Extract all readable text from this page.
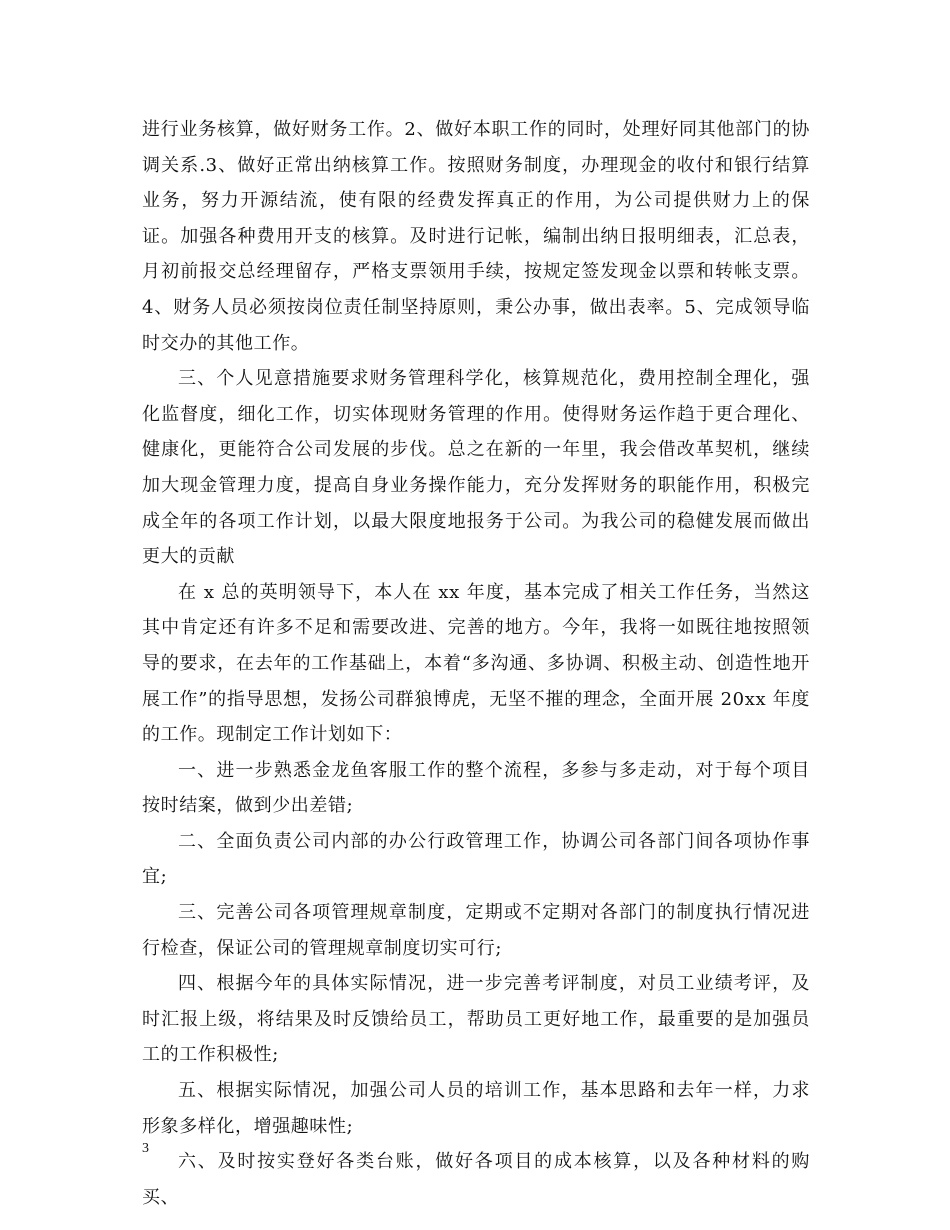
进行业务核算，做好财务工作。2、做好本职工作的同时，处理好同其他部门的协调关系.3、做好正常出纳核算工作。按照财务制度，办理现金的收付和银行结算业务，努力开源结流，使有限的经费发挥真正的作用，为公司提供财力上的保证。加强各种费用开支的核算。及时进行记帐，编制出纳日报明细表，汇总表，月初前报交总经理留存，严格支票领用手续，按规定签发现金以票和转帐支票。4、财务人员必须按岗位责任制坚持原则，秉公办事，做出表率。5、完成领导临时交办的其他工作。

三、个人见意措施要求财务管理科学化，核算规范化，费用控制全理化，强化监督度，细化工作，切实体现财务管理的作用。使得财务运作趋于更合理化、健康化，更能符合公司发展的步伐。总之在新的一年里，我会借改革契机，继续加大现金管理力度，提高自身业务操作能力，充分发挥财务的职能作用，积极完成全年的各项工作计划，以最大限度地报务于公司。为我公司的稳健发展而做出更大的贡献

在 x 总的英明领导下，本人在 xx 年度，基本完成了相关工作任务，当然这其中肯定还有许多不足和需要改进、完善的地方。今年，我将一如既往地按照领导的要求，在去年的工作基础上，本着“多沟通、多协调、积极主动、创造性地开展工作”的指导思想，发扬公司群狼博虎，无坚不摧的理念，全面开展 20xx 年度的工作。现制定工作计划如下：

一、进一步熟悉金龙鱼客服工作的整个流程，多参与多走动，对于每个项目按时结案，做到少出差错;

二、全面负责公司内部的办公行政管理工作，协调公司各部门间各项协作事宜;

三、完善公司各项管理规章制度，定期或不定期对各部门的制度执行情况进行检查，保证公司的管理规章制度切实可行;

四、根据今年的具体实际情况，进一步完善考评制度，对员工业绩考评，及时汇报上级，将结果及时反馈给员工，帮助员工更好地工作，最重要的是加强员工的工作积极性;

五、根据实际情况，加强公司人员的培训工作，基本思路和去年一样，力求形象多样化，增强趣味性;

六、及时按实登好各类台账，做好各项目的成本核算，以及各种材料的购买、

3
